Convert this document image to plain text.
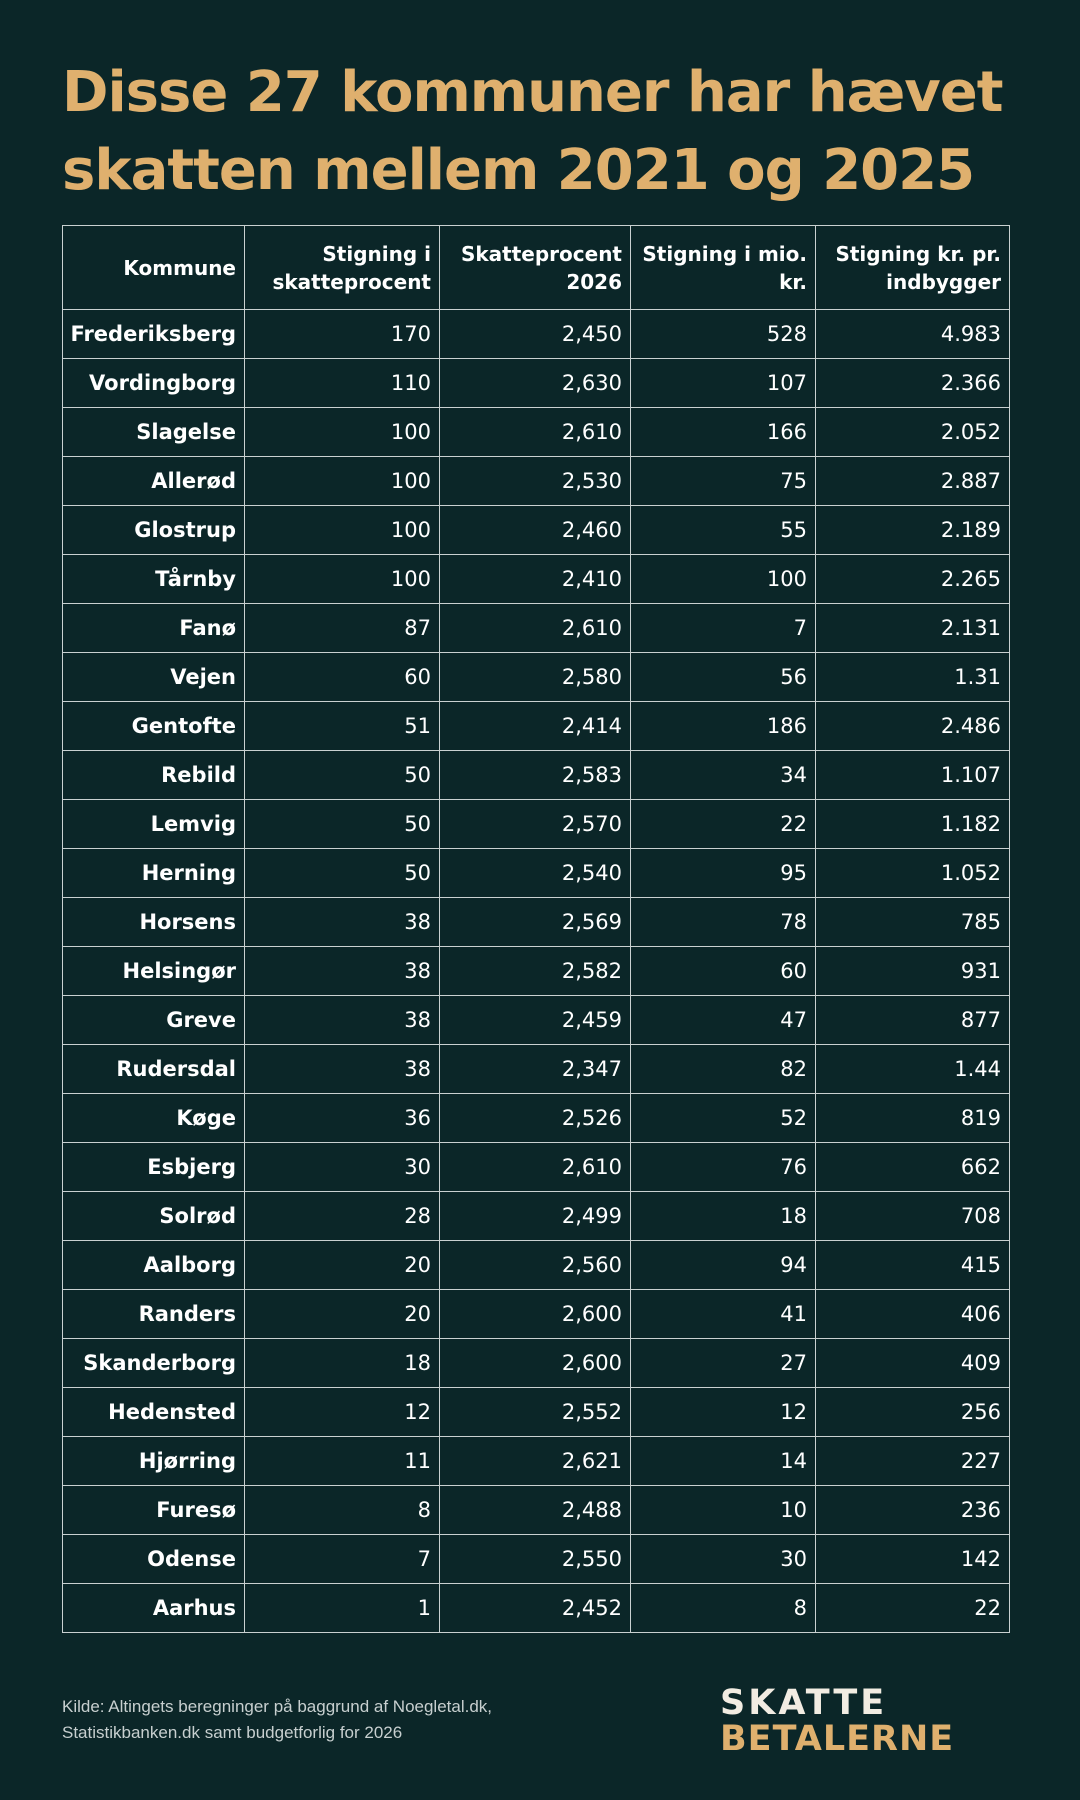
Disse 27 kommuner har hævet
skatten mellem 2021 og 2025
Kommune	Stigning i skatteprocent	Skatteprocent 2026	Stigning i mio. kr.	Stigning kr. pr. indbygger
Frederiksberg	170	2,450	528	4.983
Vordingborg	110	2,630	107	2.366
Slagelse	100	2,610	166	2.052
Allerød	100	2,530	75	2.887
Glostrup	100	2,460	55	2.189
Tårnby	100	2,410	100	2.265
Fanø	87	2,610	7	2.131
Vejen	60	2,580	56	1.31
Gentofte	51	2,414	186	2.486
Rebild	50	2,583	34	1.107
Lemvig	50	2,570	22	1.182
Herning	50	2,540	95	1.052
Horsens	38	2,569	78	785
Helsingør	38	2,582	60	931
Greve	38	2,459	47	877
Rudersdal	38	2,347	82	1.44
Køge	36	2,526	52	819
Esbjerg	30	2,610	76	662
Solrød	28	2,499	18	708
Aalborg	20	2,560	94	415
Randers	20	2,600	41	406
Skanderborg	18	2,600	27	409
Hedensted	12	2,552	12	256
Hjørring	11	2,621	14	227
Furesø	8	2,488	10	236
Odense	7	2,550	30	142
Aarhus	1	2,452	8	22

Kilde: Altingets beregninger på baggrund af Noegletal.dk,
Statistikbanken.dk samt budgetforlig for 2026

SKATTE
BETALERNE
